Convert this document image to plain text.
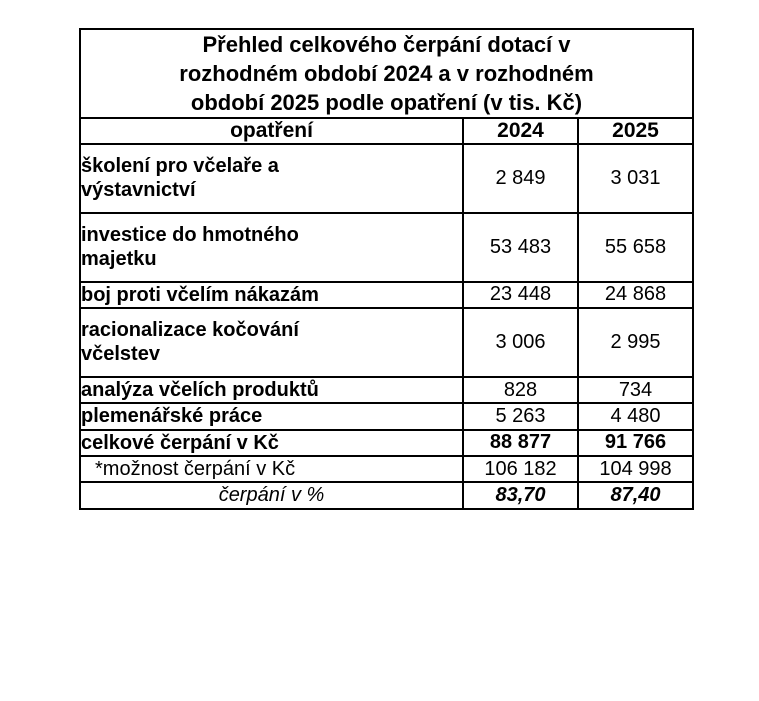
Přehled celkového čerpání dotací v
rozhodném období 2024 a v rozhodném
období 2025 podle opatření (v tis. Kč)		

opatření	2024	2025

školení pro včelaře a
výstavnictví	2 849	3 031

investice do hmotného
majetku	53 483	55 658

boj proti včelím nákazám	23 448	24 868

racionalizace kočování
včelstev	3 006	2 995

analýza včelích produktů	828	734

plemenářské práce	5 263	4 480

celkové čerpání v Kč	88 877	91 766

*možnost čerpání v Kč	106 182	104 998

čerpání v %	83,70	87,40
